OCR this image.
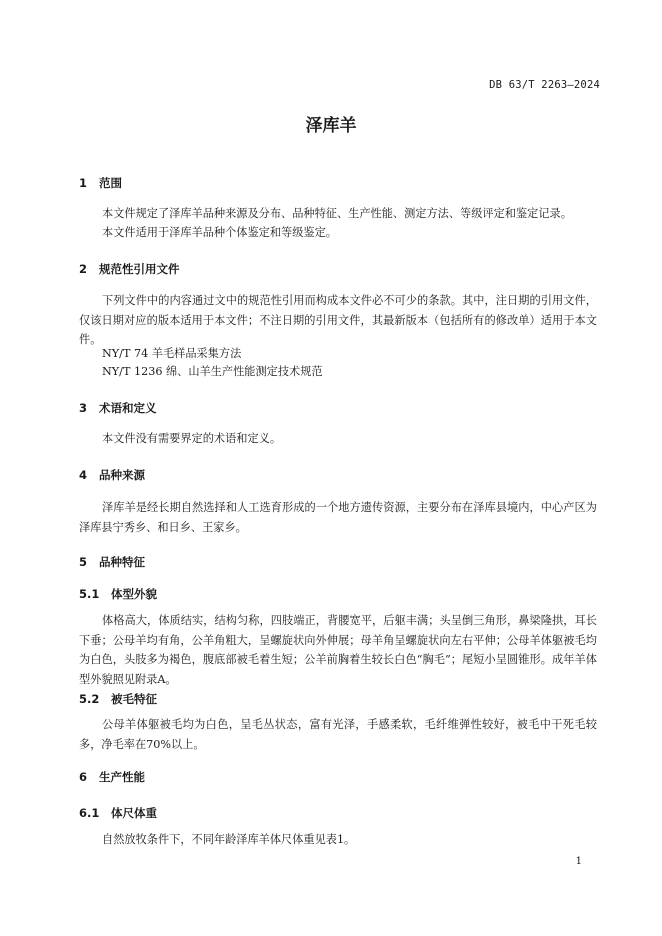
DB 63/T 2263—2024
泽库羊
1 范围

本文件规定了泽库羊品种来源及分布、品种特征、生产性能、测定方法、等级评定和鉴定记录。

本文件适用于泽库羊品种个体鉴定和等级鉴定。

2 规范性引用文件

下列文件中的内容通过文中的规范性引用而构成本文件必不可少的条款。其中，注日期的引用文件，仅该日期对应的版本适用于本文件；不注日期的引用文件，其最新版本（包括所有的修改单）适用于本文件。

NY/T 74 羊毛样品采集方法
NY/T 1236 绵、山羊生产性能测定技术规范
3 术语和定义

本文件没有需要界定的术语和定义。

4 品种来源

泽库羊是经长期自然选择和人工选育形成的一个地方遗传资源，主要分布在泽库县境内，中心产区为泽库县宁秀乡、和日乡、王家乡。

5 品种特征
5.1 体型外貌

体格高大，体质结实，结构匀称，四肢端正，背腰宽平，后躯丰满；头呈倒三角形，鼻梁隆拱，耳长下垂；公母羊均有角，公羊角粗大，呈螺旋状向外伸展；母羊角呈螺旋状向左右平伸；公母羊体躯被毛均为白色，头肢多为褐色，腹底部被毛着生短；公羊前胸着生较长白色“胸毛”；尾短小呈圆锥形。成年羊体型外貌照见附录A。

5.2 被毛特征

公母羊体躯被毛均为白色，呈毛丛状态，富有光泽，手感柔软，毛纤维弹性较好，被毛中干死毛较多，净毛率在70%以上。

6 生产性能
6.1 体尺体重

自然放牧条件下，不同年龄泽库羊体尺体重见表1。

1
